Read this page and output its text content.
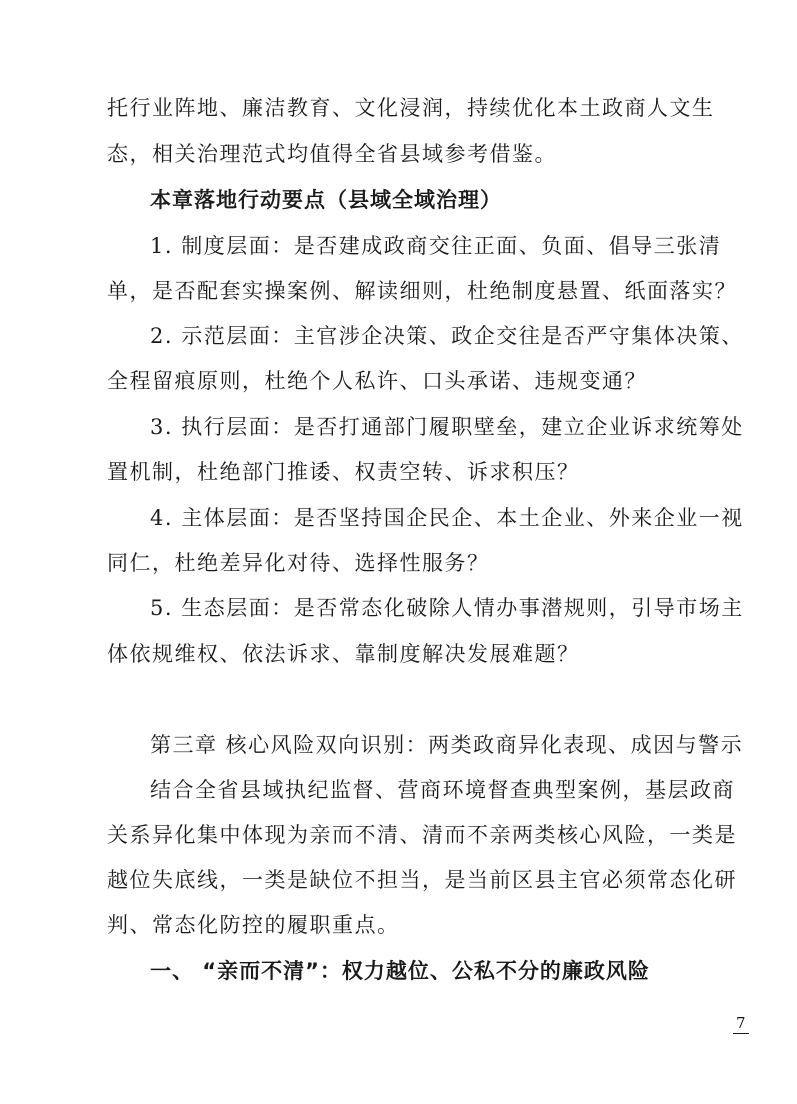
托行业阵地、廉洁教育、文化浸润，持续优化本土政商人文生
态，相关治理范式均值得全省县域参考借鉴。
本章落地行动要点（县域全域治理）
1. 制度层面：是否建成政商交往正面、负面、倡导三张清
单，是否配套实操案例、解读细则，杜绝制度悬置、纸面落实？
2. 示范层面：主官涉企决策、政企交往是否严守集体决策、
全程留痕原则，杜绝个人私许、口头承诺、违规变通？
3. 执行层面：是否打通部门履职壁垒，建立企业诉求统筹处
置机制，杜绝部门推诿、权责空转、诉求积压？
4. 主体层面：是否坚持国企民企、本土企业、外来企业一视
同仁，杜绝差异化对待、选择性服务？
5. 生态层面：是否常态化破除人情办事潜规则，引导市场主
体依规维权、依法诉求、靠制度解决发展难题？
第三章 核心风险双向识别：两类政商异化表现、成因与警示
结合全省县域执纪监督、营商环境督查典型案例，基层政商
关系异化集中体现为亲而不清、清而不亲两类核心风险，一类是
越位失底线，一类是缺位不担当，是当前区县主官必须常态化研
判、常态化防控的履职重点。
一、 “亲而不清”：权力越位、公私不分的廉政风险
7
